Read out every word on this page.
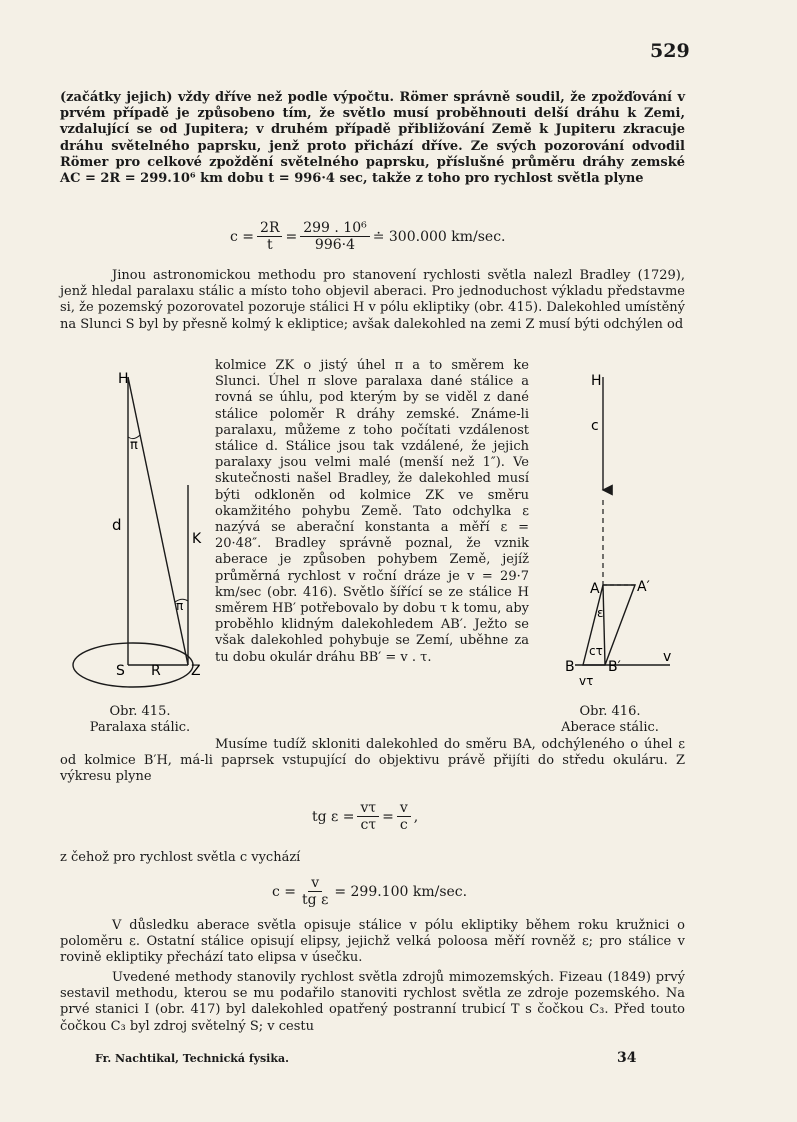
529
(začátky jejich) vždy dříve než podle výpočtu. Römer správně soudil, že zpožďování v prvém případě je způsobeno tím, že světlo musí proběhnouti delší dráhu k Zemi, vzdalující se od Jupitera; v druhém případě přibližování Země k Jupiteru zkracuje dráhu světelného paprsku, jenž proto přichází dříve. Ze svých pozorování odvodil Römer pro celkové zpoždění světelného paprsku, příslušné průměru dráhy zemské AC = 2R = 299.10⁶ km dobu t = 996·4 sec, takže z toho pro rychlost světla plyne
$c = \frac{2R}{t} = \frac{\text{299 . 10⁶}}{996\cdot 4}$ ≐ 300.000 km/sec.
Jinou astronomickou methodu pro stanovení rychlosti světla nalezl Bradley (1729), jenž hledal paralaxu stálic a místo toho objevil aberaci. Pro jednoduchost výkladu představme si, že pozemský pozorovatel pozoruje stálici H v pólu ekliptiky (obr. 415). Dalekohled umístěný na Slunci S byl by přesně kolmý k ekliptice; avšak dalekohled na zemi Z musí býti odchýlen od
kolmice ZK o jistý úhel π a to směrem ke Slunci. Úhel π slove paralaxa dané stálice a rovná se úhlu, pod kterým by se viděl z dané stálice poloměr R dráhy zemské. Známe-li paralaxu, můžeme z toho počítati vzdálenost stálice d. Stálice jsou tak vzdálené, že jejich paralaxy jsou velmi malé (menší než 1″). Ve skutečnosti našel Bradley, že dalekohled musí býti odkloněn od kolmice ZK ve směru okamžitého pohybu Země. Tato odchylka ε nazývá se aberační konstanta a měří ε = 20·48″. Bradley správně poznal, že vznik aberace je způsoben pohybem Země, jejíž průměrná rychlost v roční dráze je v = 29·7 km/sec (obr. 416). Světlo šířící se ze stálice H směrem HB′ potřebovalo by dobu τ k tomu, aby proběhlo klidným dalekohledem AB′. Ježto se však dalekohled pohybuje se Zemí, uběhne za tu dobu okulár dráhu BB′ = v . τ.
H
π
d
K
π
S R Z
Obr. 415.
Paralaxa stálic.
H
c
A	A′
ε
B
cτ
B′
v
vτ
Obr. 416.
Aberace stálic.
Musíme tudíž skloniti dalekohled do směru BA, odchýleného o úhel ε od kolmice B′H, má-li paprsek vstupující do objektivu právě přijíti do středu okuláru. Z výkresu plyne
tg $\varepsilon = \frac{v\tau}{c\tau} = \frac{v}{c}$ ,
z čehož pro rychlost světla c vychází
$c = \frac{v}{\text{tg ε}} = 299.100$ km/sec.
V důsledku aberace světla opisuje stálice v pólu ekliptiky během roku kružnici o poloměru ε. Ostatní stálice opisují elipsy, jejichž velká poloosa měří rovněž ε; pro stálice v rovině ekliptiky přechází tato elipsa v úsečku.
Uvedené methody stanovily rychlost světla zdrojů mimozemských. Fizeau (1849) prvý sestavil methodu, kterou se mu podařilo stanoviti rychlost světla ze zdroje pozemského. Na prvé stanici I (obr. 417) byl dalekohled opatřený postranní trubicí T s čočkou C₃. Před touto čočkou C₃ byl zdroj světelný S; v cestu
Fr. Nachtikal, Technická fysika.	34
